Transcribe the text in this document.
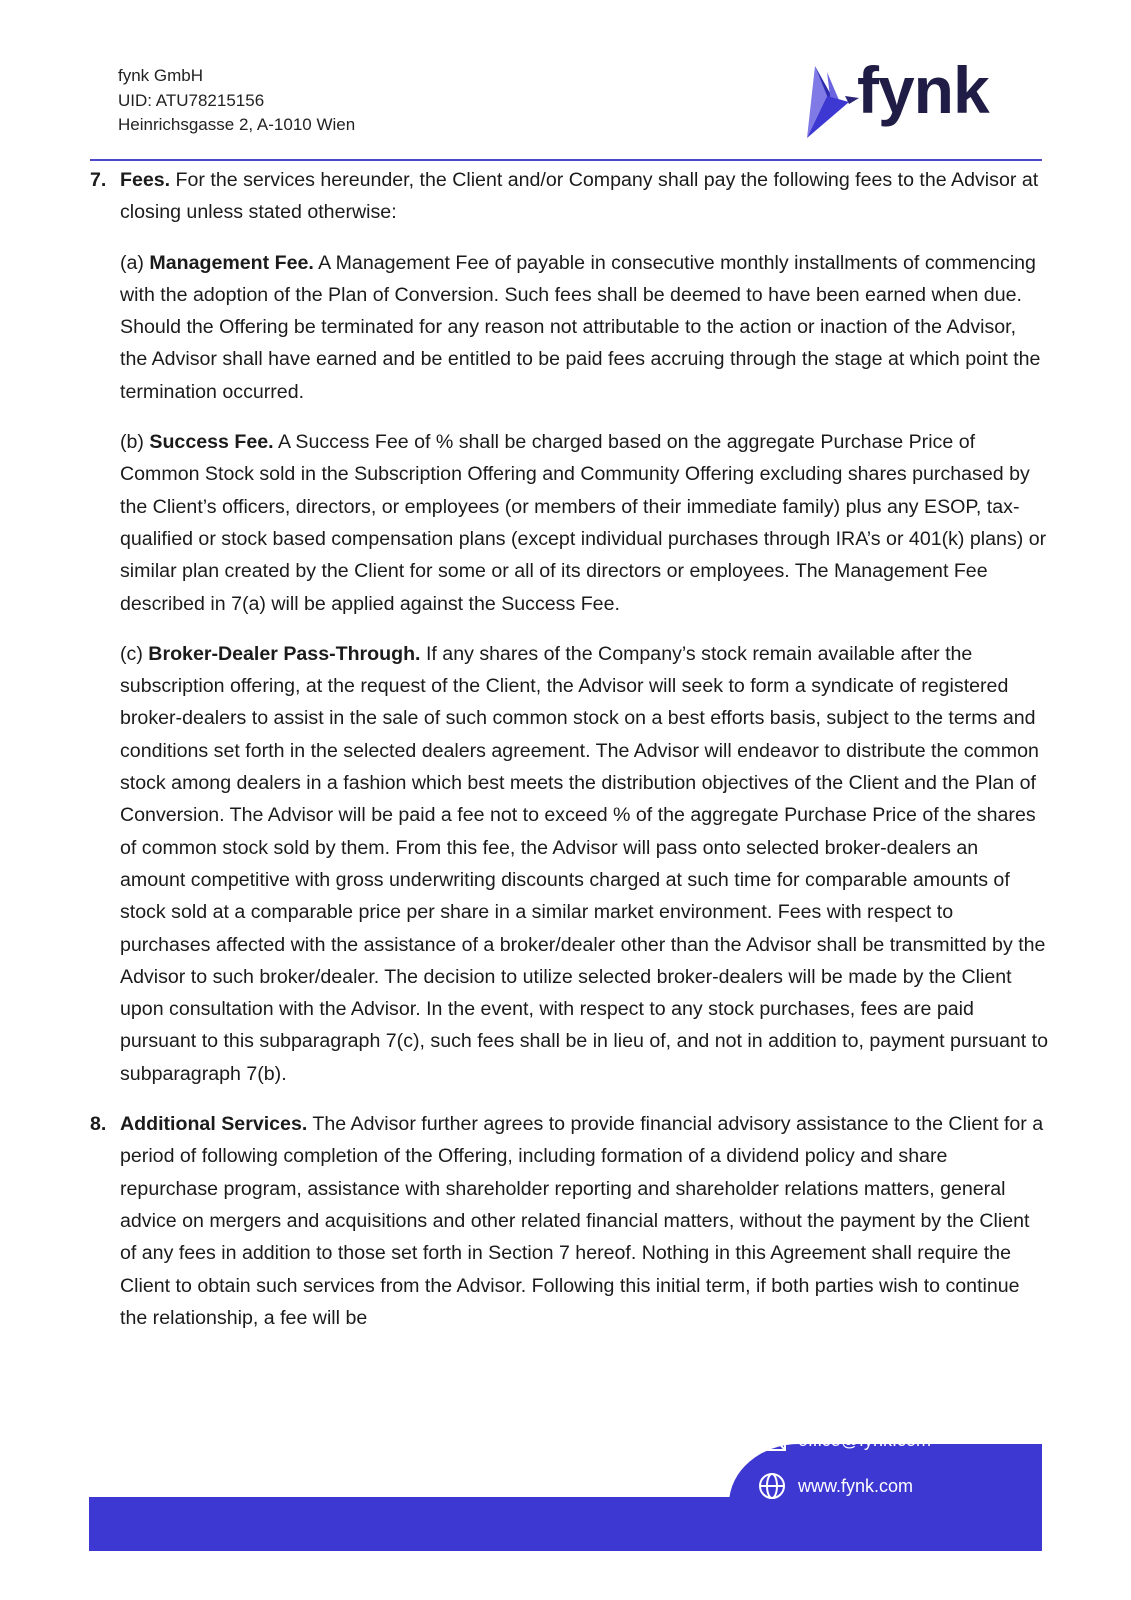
fynk GmbH
UID: ATU78215156
Heinrichsgasse 2, A-1010 Wien	fynk
7. Fees. For the services hereunder, the Client and/or Company shall pay the following fees to the Advisor at closing unless stated otherwise:

(a) Management Fee. A Management Fee of payable in consecutive monthly installments of commencing with the adoption of the Plan of Conversion. Such fees shall be deemed to have been earned when due. Should the Offering be terminated for any reason not attributable to the action or inaction of the Advisor, the Advisor shall have earned and be entitled to be paid fees accruing through the stage at which point the termination occurred.

(b) Success Fee. A Success Fee of % shall be charged based on the aggregate Purchase Price of Common Stock sold in the Subscription Offering and Community Offering excluding shares purchased by the Client’s officers, directors, or employees (or members of their immediate family) plus any ESOP, tax-qualified or stock based compensation plans (except individual purchases through IRA’s or 401(k) plans) or similar plan created by the Client for some or all of its directors or employees. The Management Fee described in 7(a) will be applied against the Success Fee.

(c) Broker-Dealer Pass-Through. If any shares of the Company’s stock remain available after the subscription offering, at the request of the Client, the Advisor will seek to form a syndicate of registered broker-dealers to assist in the sale of such common stock on a best efforts basis, subject to the terms and conditions set forth in the selected dealers agreement. The Advisor will endeavor to distribute the common stock among dealers in a fashion which best meets the distribution objectives of the Client and the Plan of Conversion. The Advisor will be paid a fee not to exceed % of the aggregate Purchase Price of the shares of common stock sold by them. From this fee, the Advisor will pass onto selected broker-dealers an amount competitive with gross underwriting discounts charged at such time for comparable amounts of stock sold at a comparable price per share in a similar market environment. Fees with respect to purchases affected with the assistance of a broker/dealer other than the Advisor shall be transmitted by the Advisor to such broker/dealer. The decision to utilize selected broker-dealers will be made by the Client upon consultation with the Advisor. In the event, with respect to any stock purchases, fees are paid pursuant to this subparagraph 7(c), such fees shall be in lieu of, and not in addition to, payment pursuant to subparagraph 7(b).

8. Additional Services. The Advisor further agrees to provide financial advisory assistance to the Client for a period of following completion of the Offering, including formation of a dividend policy and share repurchase program, assistance with shareholder reporting and shareholder relations matters, general advice on mergers and acquisitions and other related financial matters, without the payment by the Client of any fees in addition to those set forth in Section 7 hereof. Nothing in this Agreement shall require the Client to obtain such services from the Advisor. Following this initial term, if both parties wish to continue the relationship, a fee will be

office@fynk.com
www.fynk.com
